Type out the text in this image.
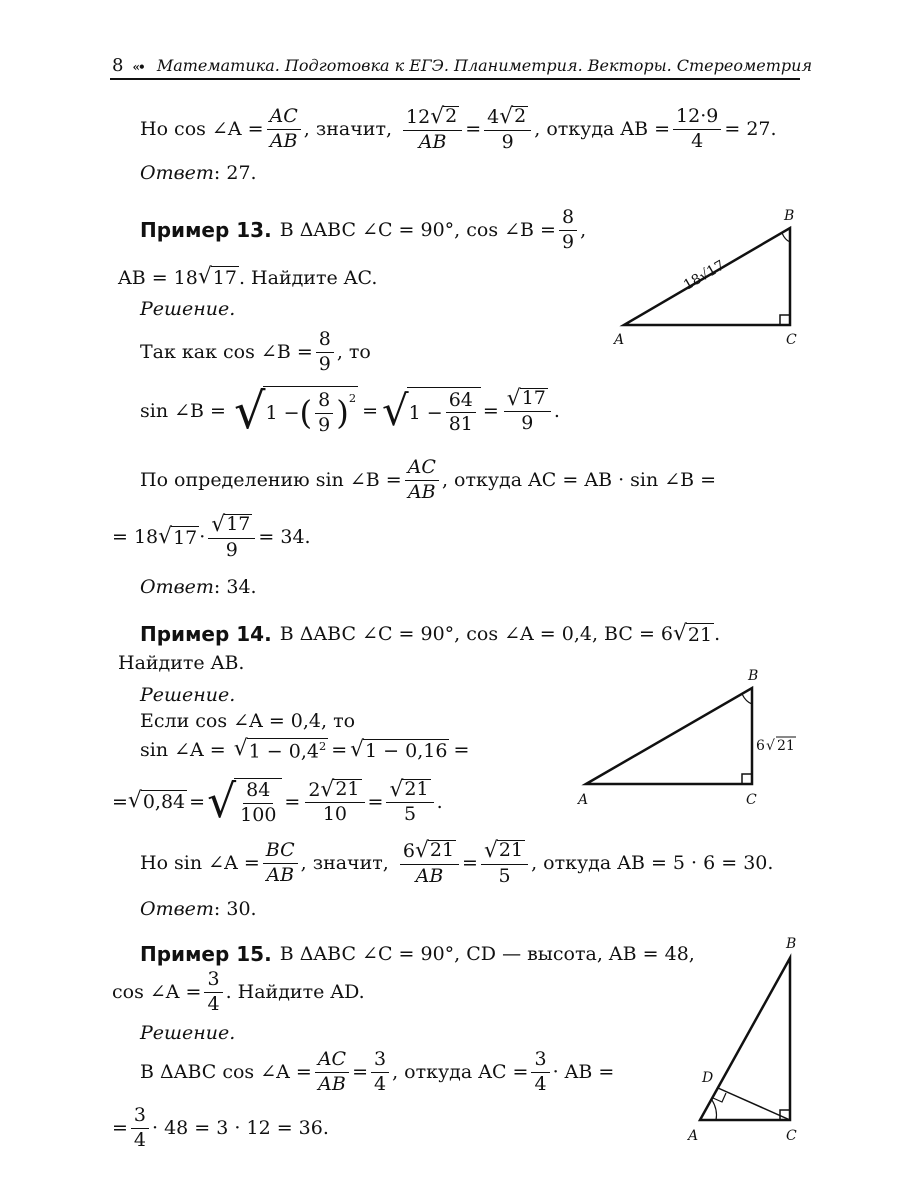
8 «• Математика. Подготовка к ЕГЭ. Планиметрия. Векторы. Стереометрия
Но cos ∠A = $\frac{AC}{AB}$ , значит, $\frac{12 √ 2}{AB} = \frac{4 √ 2}{9}$ , откуда AB = $\frac{12\cdot 9}{4} = 27$.
Ответ : 27.
Пример 13. В ΔABC ∠C = 90°, cos ∠B = $\frac{8}{9}$ ,
AB = 18 √ 17 . Найдите AC.
Решение.
Так как cos ∠B = $\frac{8}{9}$ , то
sin ∠B = √ 1 − ( $\frac{8}{9} )^2$
= √ $1 - \frac{64}{81} = \frac{√ 17}{9}$ .
По определению sin ∠B = $\frac{AC}{AB}$ , откуда AC = AB · sin ∠B =
= 18 √ $17 \cdot \frac{√ 17}{9} = 34$.
Ответ : 34.
A
B
C
18√17
Пример 14. В ΔABC ∠C = 90°, cos ∠A = 0,4, BC = 6 √ 21 .
Найдите AB.
Решение.
Если cos ∠A = 0,4, то
sin ∠A = √ $1 - 0,4^2$ = √ 1 − 0,16 =
= √ 0,84 = √ $\frac{84}{100} = \frac{2 √ 21}{10} = \frac{√ 21}{5}$ .
Но sin ∠A = $\frac{BC}{AB}$ , значит, $\frac{6 √ 21}{AB} = \frac{√ 21}{5}$ , откуда AB = 5 · 6 = 30.
Ответ : 30.
A
B
C
6 √ 21
Пример 15. В ΔABC ∠C = 90°, CD — высота, AB = 48,
cos ∠A = $\frac{3}{4}$ . Найдите AD.
Решение.
В ΔABC cos ∠A = $\frac{AC}{AB} = \frac{3}{4}$ , откуда AC = $\frac{3}{4}$ · AB =
= $\frac{3}{4} \cdot 48 = 3 \cdot 12 = 36$.	A
B
C
D
